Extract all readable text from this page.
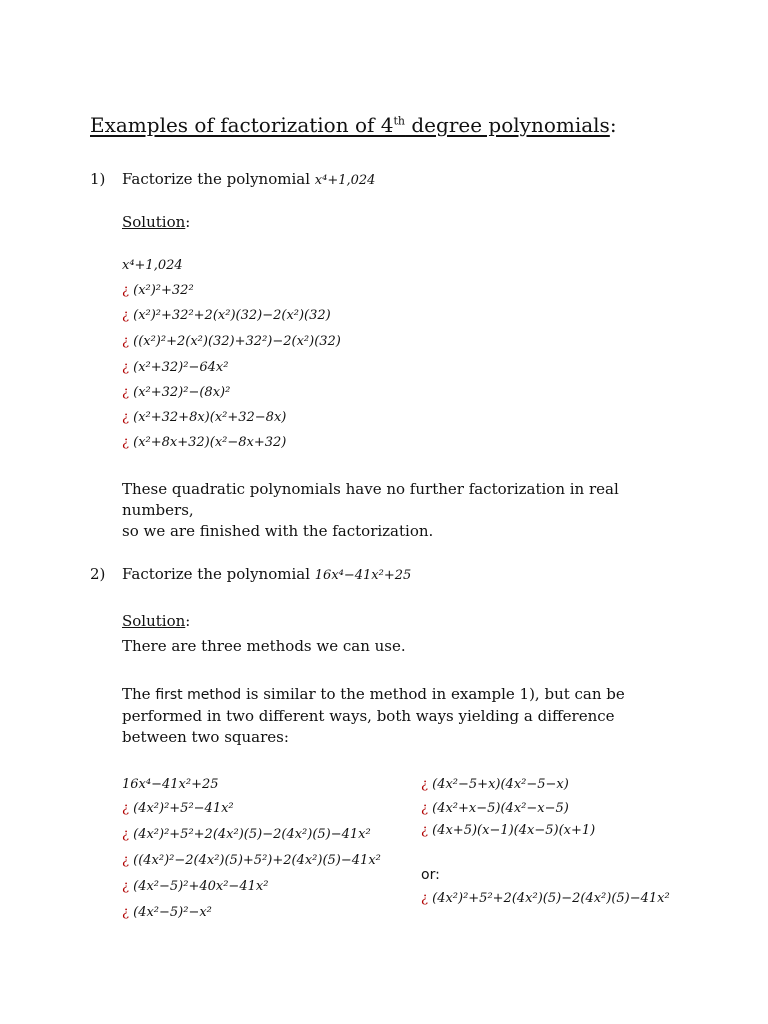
Examples of factorization of 4th degree polynomials:
1) Factorize the polynomial x⁴+1,024
Solution:
x⁴+1,024
¿ (x²)²+32²
¿ (x²)²+32²+2(x²)(32)−2(x²)(32)
¿ ((x²)²+2(x²)(32)+32²)−2(x²)(32)
¿ (x²+32)²−64x²
¿ (x²+32)²−(8x)²
¿ (x²+32+8x)(x²+32−8x)
¿ (x²+8x+32)(x²−8x+32)
These quadratic polynomials have no further factorization in real numbers,
so we are finished with the factorization.
2) Factorize the polynomial 16x⁴−41x²+25
Solution:
There are three methods we can use.
The first method is similar to the method in example 1), but can be performed in two different ways, both ways yielding a difference between two squares:
16x⁴−41x²+25
¿ (4x²)²+5²−41x²
¿ (4x²)²+5²+2(4x²)(5)−2(4x²)(5)−41x²
¿ ((4x²)²−2(4x²)(5)+5²)+2(4x²)(5)−41x²
¿ (4x²−5)²+40x²−41x²
¿ (4x²−5)²−x²
¿ (4x²−5+x)(4x²−5−x)
¿ (4x²+x−5)(4x²−x−5)
¿ (4x+5)(x−1)(4x−5)(x+1)
or:
¿ (4x²)²+5²+2(4x²)(5)−2(4x²)(5)−41x²
